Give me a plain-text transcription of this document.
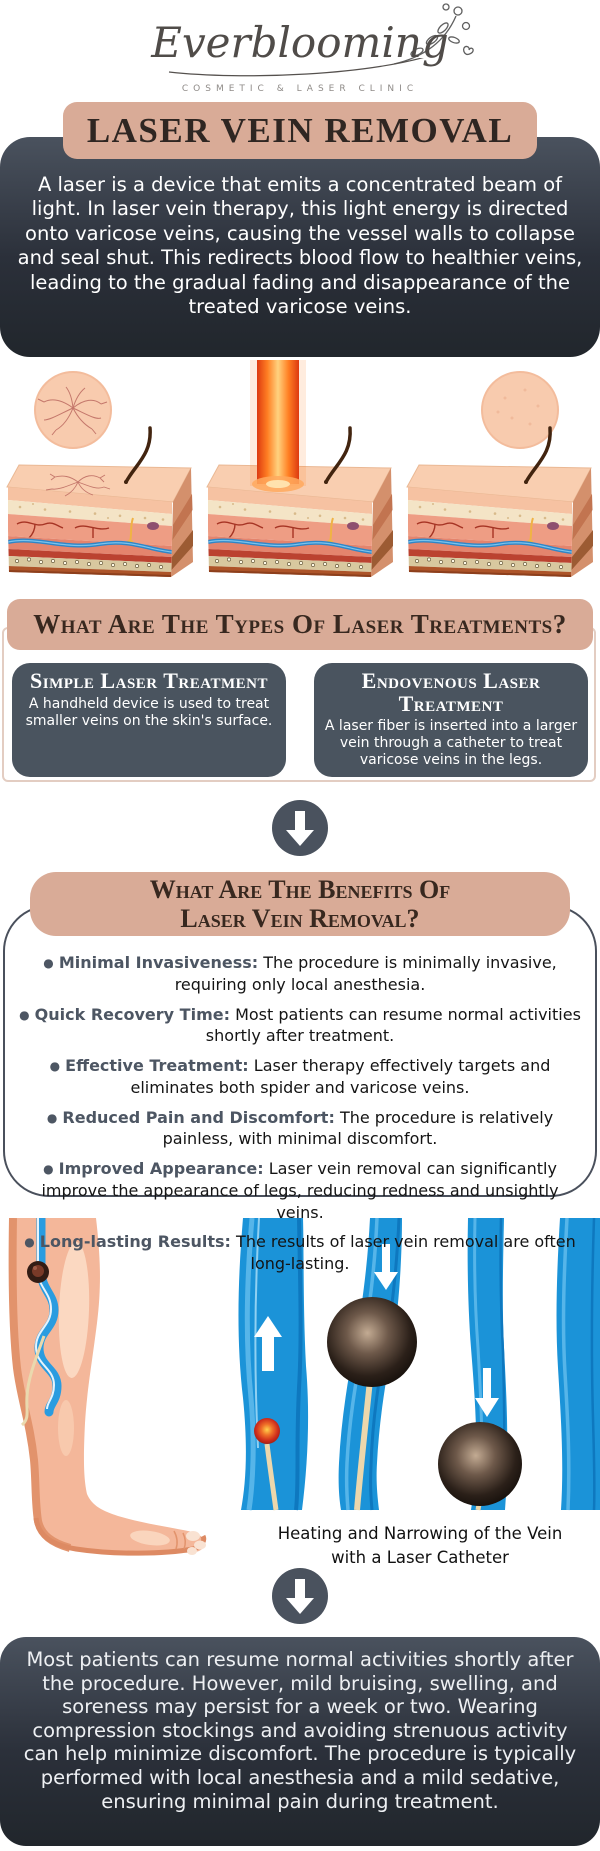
Everblooming
COSMETIC & LASER CLINIC
LASER VEIN REMOVAL

A laser is a device that emits a concentrated beam of light. In laser vein therapy, this light energy is directed onto varicose veins, causing the vessel walls to collapse and seal shut. This redirects blood flow to healthier veins, leading to the gradual fading and disappearance of the treated varicose veins.

What Are The Types Of Laser Treatments?
Simple Laser Treatment

A handheld device is used to treat smaller veins on the skin's surface.

Endovenous Laser Treatment

A laser fiber is inserted into a larger vein through a catheter to treat varicose veins in the legs.

What Are The Benefits Of
Laser Vein Removal?

● Minimal Invasiveness: The procedure is minimally invasive, requiring only local anesthesia.

● Quick Recovery Time: Most patients can resume normal activities shortly after treatment.

● Effective Treatment: Laser therapy effectively targets and eliminates both spider and varicose veins.

● Reduced Pain and Discomfort: The procedure is relatively painless, with minimal discomfort.

● Improved Appearance: Laser vein removal can significantly improve the appearance of legs, reducing redness and unsightly veins.

● Long-lasting Results: The results of laser vein removal are often long-lasting.

Heating and Narrowing of the Vein with a Laser Catheter

Most patients can resume normal activities shortly after the procedure. However, mild bruising, swelling, and soreness may persist for a week or two. Wearing compression stockings and avoiding strenuous activity can help minimize discomfort. The procedure is typically performed with local anesthesia and a mild sedative, ensuring minimal pain during treatment.
